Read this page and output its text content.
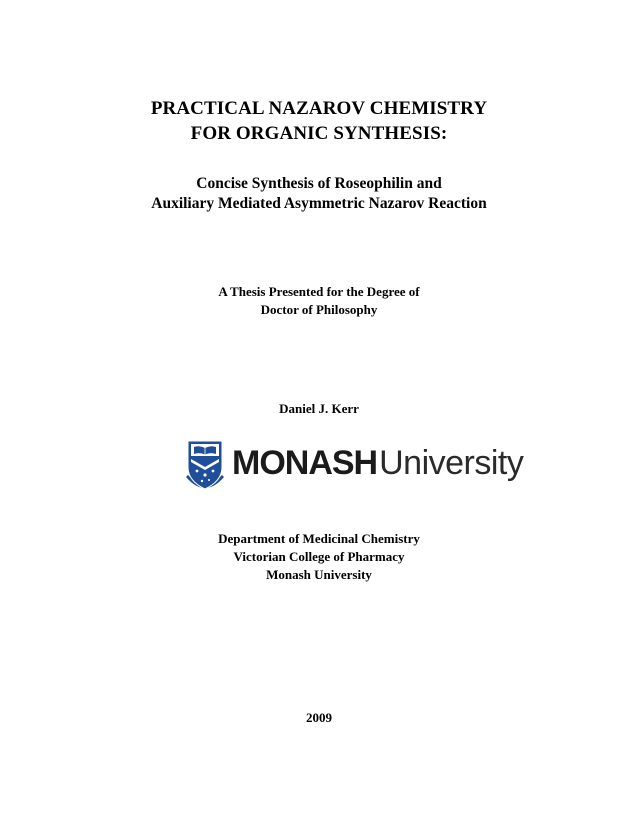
PRACTICAL NAZAROV CHEMISTRY
FOR ORGANIC SYNTHESIS:
Concise Synthesis of Roseophilin and
Auxiliary Mediated Asymmetric Nazarov Reaction
A Thesis Presented for the Degree of
Doctor of Philosophy
Daniel J. Kerr
MONASHUniversity
Department of Medicinal Chemistry
Victorian College of Pharmacy
Monash University
2009
